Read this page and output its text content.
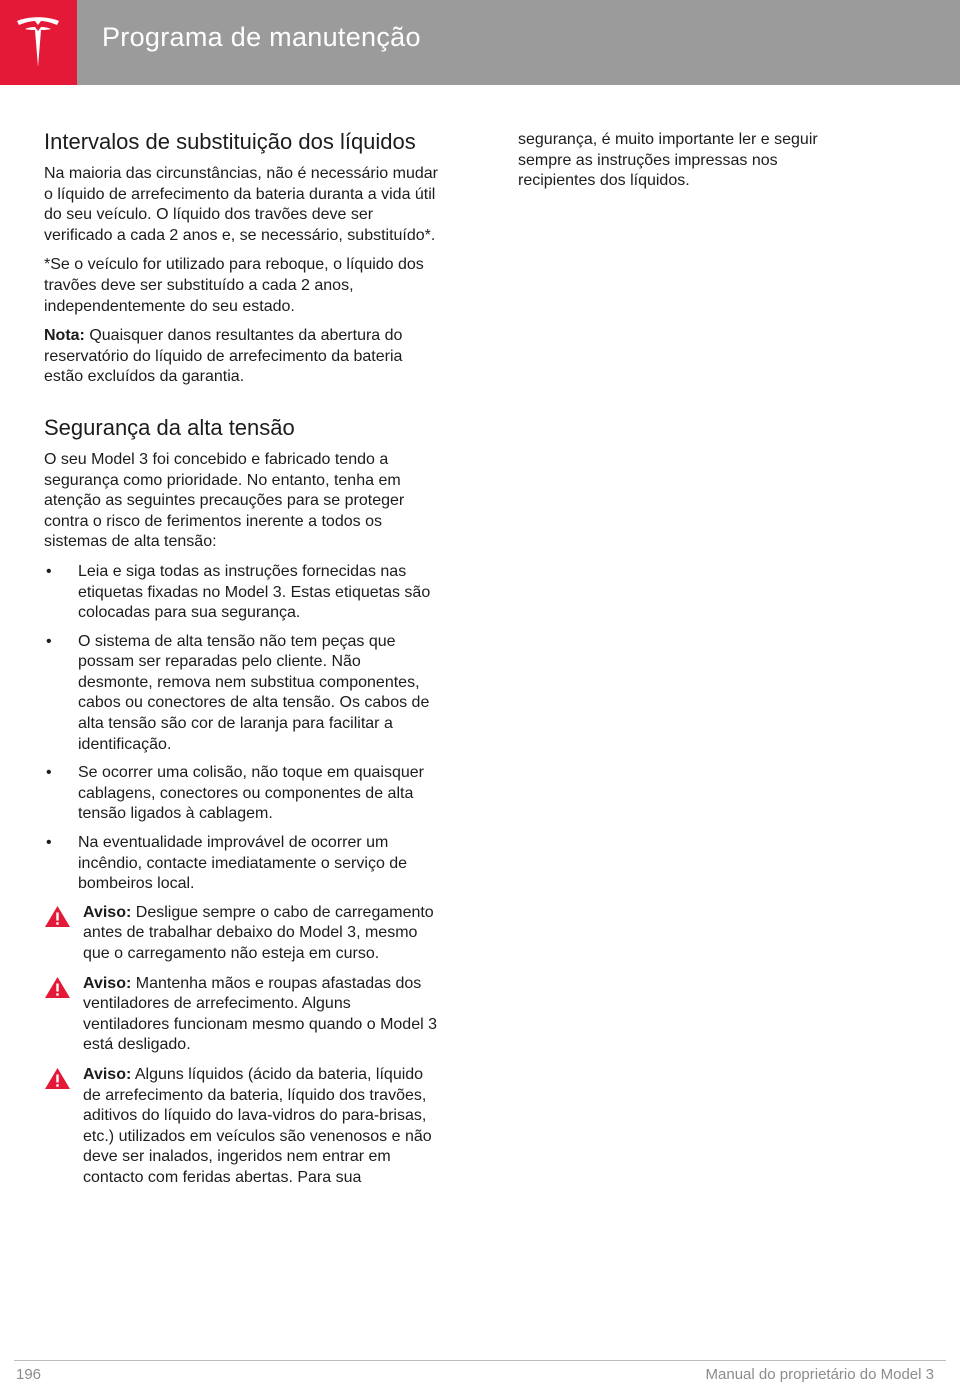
Programa de manutenção
Intervalos de substituição dos líquidos

Na maioria das circunstâncias, não é necessário mudar o líquido de arrefecimento da bateria duranta a vida útil do seu veículo. O líquido dos travões deve ser verificado a cada 2 anos e, se necessário, substituído*.

*Se o veículo for utilizado para reboque, o líquido dos travões deve ser substituído a cada 2 anos, independentemente do seu estado.

Nota: Quaisquer danos resultantes da abertura do reservatório do líquido de arrefecimento da bateria estão excluídos da garantia.

Segurança da alta tensão

O seu Model 3 foi concebido e fabricado tendo a segurança como prioridade. No entanto, tenha em atenção as seguintes precauções para se proteger contra o risco de ferimentos inerente a todos os sistemas de alta tensão:

• Leia e siga todas as instruções fornecidas nas etiquetas fixadas no Model 3. Estas etiquetas são colocadas para sua segurança.
• O sistema de alta tensão não tem peças que possam ser reparadas pelo cliente. Não desmonte, remova nem substitua componentes, cabos ou conectores de alta tensão. Os cabos de alta tensão são cor de laranja para facilitar a identificação.
• Se ocorrer uma colisão, não toque em quaisquer cablagens, conectores ou componentes de alta tensão ligados à cablagem.
• Na eventualidade improvável de ocorrer um incêndio, contacte imediatamente o serviço de bombeiros local.
Aviso: Desligue sempre o cabo de carregamento antes de trabalhar debaixo do Model 3, mesmo que o carregamento não esteja em curso.
Aviso: Mantenha mãos e roupas afastadas dos ventiladores de arrefecimento. Alguns ventiladores funcionam mesmo quando o Model 3 está desligado.
Aviso: Alguns líquidos (ácido da bateria, líquido de arrefecimento da bateria, líquido dos travões, aditivos do líquido do lava-vidros do para-brisas, etc.) utilizados em veículos são venenosos e não deve ser inalados, ingeridos nem entrar em contacto com feridas abertas. Para sua

segurança, é muito importante ler e seguir sempre as instruções impressas nos recipientes dos líquidos.

196	Manual do proprietário do Model 3
